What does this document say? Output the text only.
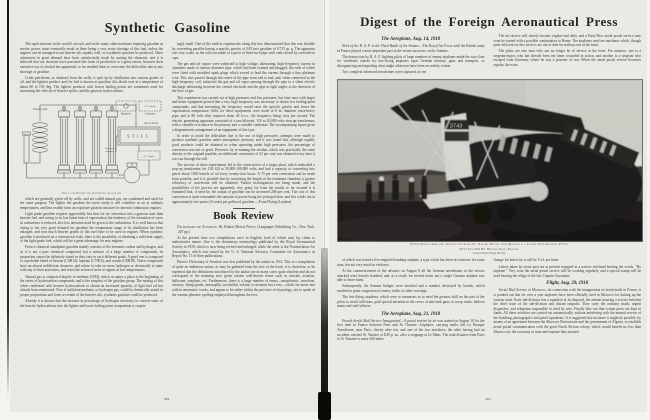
Synthetic Gasoline

The rapid increase in the world's aircraft, and in the many other machines requiring gasoline as motive power, must eventually result in there being a very acute shortage of this fuel, unless the engines can be arranged to use heavier oils equally well, or a synthetic gasoline be produced. Other substances in great demand have been satisfactorily made by uniting the elements, and it is believed that our chemists have practised this form of production to a great extent, however their extensive use of alcohol has apparently so far enabled them to overcome the difficulties due to any shortage of gasoline.

Crude petroleum, as obtained from the wells, is split up by distillation into various grades of oil, and the lightest product used for fuel is known as gasoline; this distils over at a temperature of about 60 to 150 deg. The lightest products with lowest boiling points are sometimes used for increasing the velocity of heavier spirits, and the gaseous hydrocarbons,

Exhaust pipe
Regulator	Condenser
A.C. Supply
Gas or Steam
STILL
Treatment
chambers
A.C. Supply
Still for Producing Synthetic Gasoline

which are generally given off by wells, and are called natural gas, are condensed and used for the same purpose. The lighter the gasoline the more easily it will volatilize in air at ordinary temperatures, and thus readily form an explosive gaseous mixture for internal combustion engines.

Light grade gasoline requires appreciably less heat for its conversion into a gaseous state than heavier fuel, and owing to its low latent heat of vaporization the tendency of the formation of snow in carburetors is reduced, also less attention need be given to the carburetion. It is well known that owing to the very great demand for gasoline the temperature range of its distillation has been enlarged, and now much heavier grades of this fuel have to be used in engines. When synthetic gasoline is produced on a commercial scale, there is the possibility of obtaining a sufficient supply of the light-grade fuel, which will be a great advantage for aero engines.

From a chemical standpoint gasoline mainly consists of the elements carbon and hydrogen, and as it is not a pure chemical compound, but a mixture of a large number of compounds, its proportion cannot be definitely stated as they vary in each different grade. A good one is composed of a probable blend of hexane (C6H14), heptane (C7H16), and octane (C8H18). These compounds have an almost indifferent character, and refuse to take on more hydrogen or chemically to unite with any of their associates, and resist the action of most re-agents at low temperatures.

Natural gas is composed largely of methane (CH4), which occupies a place at the beginning of the series of hydrocarbon compounds, and is the simplest of the gasoline group. The mixing of this when condensed with heavier hydrocarbons to obtain an increased quantity of light fuel oil has already been mentioned. Now if sufficient methane, or hydrogen gas, could be chemically united in proper proportions and form to certain of the heavier oils, synthetic gasoline could be produced.

Already it is known that the increase in percentage of hydrogen necessary to convert some of the heavier hydrocarbons into the lighter and lower boiling point components is surpris-

ingly small. One of the earliest experiments along this line demonstrated that this was feasible by converting paraffin having a specific gravity of 0.83 into gasoline of 0.715 sp. g. The apparatus was very crude, as the still was made of a piece of three-inch pipe with ends closed by screwed-on caps.

The gas and oil vapors were subjected to high voltage, alternating, high-frequency current in chambers made of various diameter pipe, which had been reamed and plugged, the ends of which were fitted with moulded spark plugs which served to lead the current through a fine platinum wire. This wire passed through the center of the pipe from end to end, and, when connected to the high-frequency coil, subjected the gas and oil vapor passing through the pipe to a silent electric discharge alternating between the central electrode and the pipe at right angles to the direction of the flow of gas.

This experiment was carried out at high pressures and low pressures, but later ones with larger and better equipment proved that a very high frequency was necessary to obtain low boiling-point compounds, and that increasing the frequency would raise the specific gravity and lower the vaporization temperature. Stills for these equipments were made of 6 in. diameter extra-heavy pipe, and at 80 volts they required about 40 k.v.a., the frequency being sixty per second. The electric generating apparatus consisted of a one kilowatt, 110 to 20,000 volts step-up transformer, with a variable re-actance in the primary and a variable condenser. The accompanying figure gives a diagrammatic arrangement of an equipment of this type.

In order to avoid the difficulties due to the use of high pressures, attempts were made to produce synthetic gasoline under atmospheric pressure, and it was found that, although equally good products could be obtained as when operating under high pressures, the percentage of conversion was not so great. However, by re-running the residue, which was practically the same density as the original paraffin, an additional conversion of 32 per cent was obtained every time it was run through the still.

The success of these experiments led to the construction of a larger plant, which embodied a step-up transformer for 110-120 to 50,000-100,000 volts, and had a capacity of converting into petrol about 1500 barrels of oil every twenty-four hours. A 70 per cent conversion can be made from paraffin, and it is possible that by increasing the length of the treatment chambers a greater efficiency of conversion will be obtained. Further investigations are being made, and the possibilities of the process are apparently very great, for from the results so far secured it is estimated that, if need be, the output of gasoline can be increased 200 per cent. The cost of this conversion is quite reasonable, the amount of power being the principal item, and this works out at approximately two-pence (4 cents) per gallon of gasoline.—From Flying (London).

Book Review

Dictionary of Aviation. By Robert Morris Pierce. (Languages Publishing Co., New York. 207 pp.)

At the present time two compilations exist in English, both of which may lay claim to authoritative nature. One is the elementary terminology published by the Royal Aeronautical Society in 1918, which is now being revised and enlarged, while the other is the Nomenclature for Aeronautics, which was issued by the U. S. National Advisory Committee for Aeronautics as Report No. 15 of their publications.

Pierce's Dictionary of Aviation was first published by the author in 1911. This is a compilation of quite an ambitious nature, as may be gathered from the size of the book; it is, therefore, to be regretted that the definitions introduced by the author are in many cases quite obsolete and do not correspond to the meaning now given certain well-known terms such as aircraft, aviation, balloonet, seaplane, etc. Furthermore, there is a large number of terms—aerophrastic, aerodone, aviatory, flying-grade, aeronapilly, trochoidal, volator, to mention but a few—which are never met with in aeronautic works, and appear to be rather within the province of etymology, not to speak of the various phonetic spelling employed throughout the text.

304
Digest of the Foreign Aeronautical Press
The Aeroplane, Aug. 14, 1918

Work of the R. A. F. in the Third Battle of the Somme—The Royal Air Force with the British army in France played a most important part in the recent successes on the Somme.

The destruction by R. A. F. fighting pilots of large numbers of enemy airplanes made the way clear for wholesale attacks by low-flying airplanes upon German infantry, guns and transport, so disorganizing and impeding what might otherwise have been an orderly retreat.

Two complete advanced aerodromes were captured, at one

The air service will shortly become regular and daily, and a Paris-Nice aerial postal service may soon be started with a possible continuation to Rome. The airplanes used are machines which, though quite efficient for this service, are out of date for military use at the front.

The pilots are also men who can no longer be of service at the front. For instance, one is a sergeant-major, who has already been ten times wounded in action, and another is a sergeant who escaped from Germany, where he was a prisoner of war. When the aerial postal service becomes regular, the extra

3743
French Postal Airplane, Used on the Paris-St. Nazaire Route—The Machine is a Letort Twin-Tractor, Fitted
With Two 250 Hp. Hispano-Suiza Engines
Central News Photo Service

of which was found a five-engined bombing airplane, a type which has been in existence for some time, but not very much in evidence.

At the commencement of the advance on August 8 all the German aerodromes in the sectors attacked were heavily bombed, and, as a result, for several hours not a single German airplane was able to leave them.

Subsequently, the Somme bridges were attacked and a number destroyed by bombs, which resulted in great congestion of enemy traffic at other crossings.

The low-flying airplanes, which were so numerous as to need the greatest skill on the part of the pilots to avoid collisions, paid special attention to the crews of anti-tank guns, to troop trains, balloon teams and staff officers.

The Aeroplane, Aug. 21, 1918

French Aerial Mail Service Inaugurated—A postal service by air was started on August 18 for the first time in France between Paris and St. Nazaire. Airplanes, carrying mails, left Le Bourget Aerodrome, near Paris, shortly after ten, and one of the two machines, the other having had an accident, reached St. Nazaire at 8.20 p. m., after a stoppage at Le Mans. The total distance from Paris to St. Nazaire is some 200 miles.

change for letters by it will be 1½d. per letter.

Letters taken by aerial post are at present wrapped in a narrow red band bearing the words, "By airplane." Very soon the aerial postal service will be working regularly, and a special stamp will be used bearing the effigy of the late Captain Guynemer.

Flight, Aug. 29, 1918

Aerial Mail Service in Morocco—In connection with the inauguration of aerial mails in France, it is pointed out that for over a year airplanes have been officially used in Morocco for linking up the various units. Each sub-division has a squadron at its disposal, the airmen insuring a service between the chief town of the sub-division and distant outposts. They carry the ordinary mails, urgent dispatches, and telegrams impossible to send by wire. Finally they see that certain posts are kept in funds. All these activities are carried out automatically, without interfering with the normal service of the bombing, photographic and patrol squadrons. It is suggested that in future it might be possible, by means of an agreement between the Morocco Protectorate and the government of Algeria, to establish aerial postal communication with the great North African colony, which would benefit no less than Morocco by the economy in time and expense thus assured.

305
